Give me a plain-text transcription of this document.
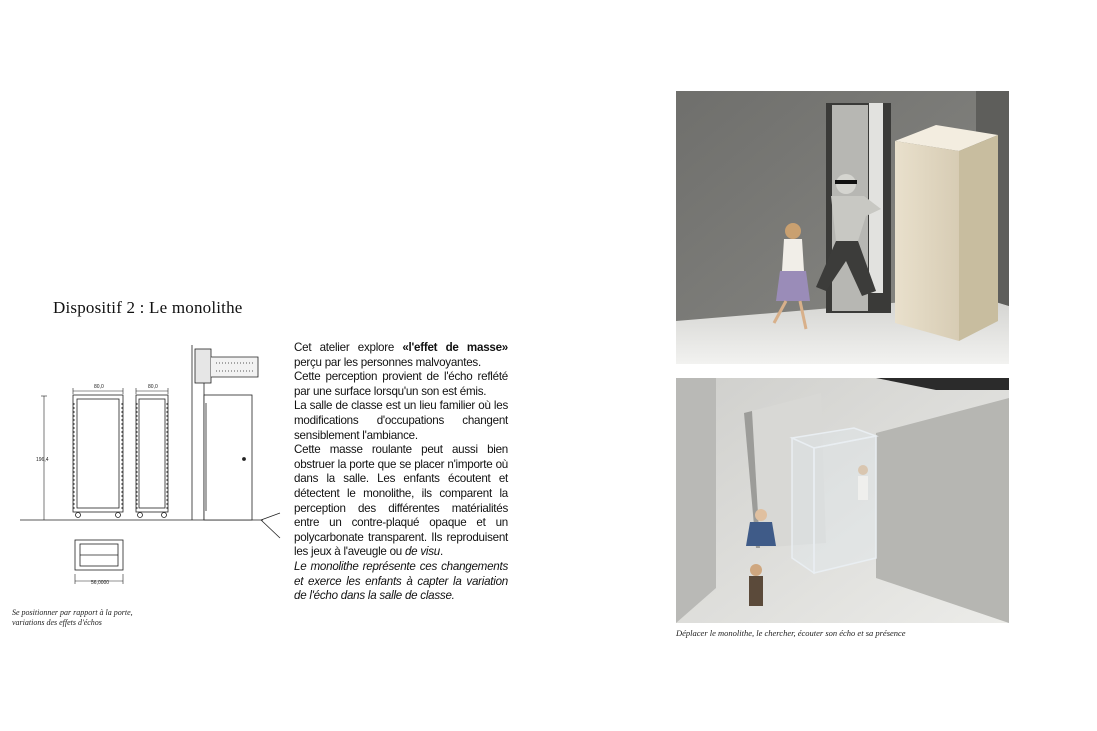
Dispositif 2 : Le monolithe
80,0	80,0
196,4
56,0000
Se positionner par rapport à la porte,
variations des effets d'échos

Cet atelier explore «l'effet de masse» perçu par les personnes malvoyantes.

Cette perception provient de l'écho reflété par une surface lorsqu'un son est émis.

La salle de classe est un lieu familier où les modifications d'occupations changent sensiblement l'ambiance.

Cette masse roulante peut aussi bien obstruer la porte que se placer n'importe où dans la salle. Les enfants écoutent et détectent le monolithe, ils comparent la perception des différentes matérialités entre un contre-plaqué opaque et un polycarbonate transparent. Ils reproduisent les jeux à l'aveugle ou de visu.

Le monolithe représente ces changements et exerce les enfants à capter la variation de l'écho dans la salle de classe.

Déplacer le monolithe, le chercher, écouter son écho et sa présence
